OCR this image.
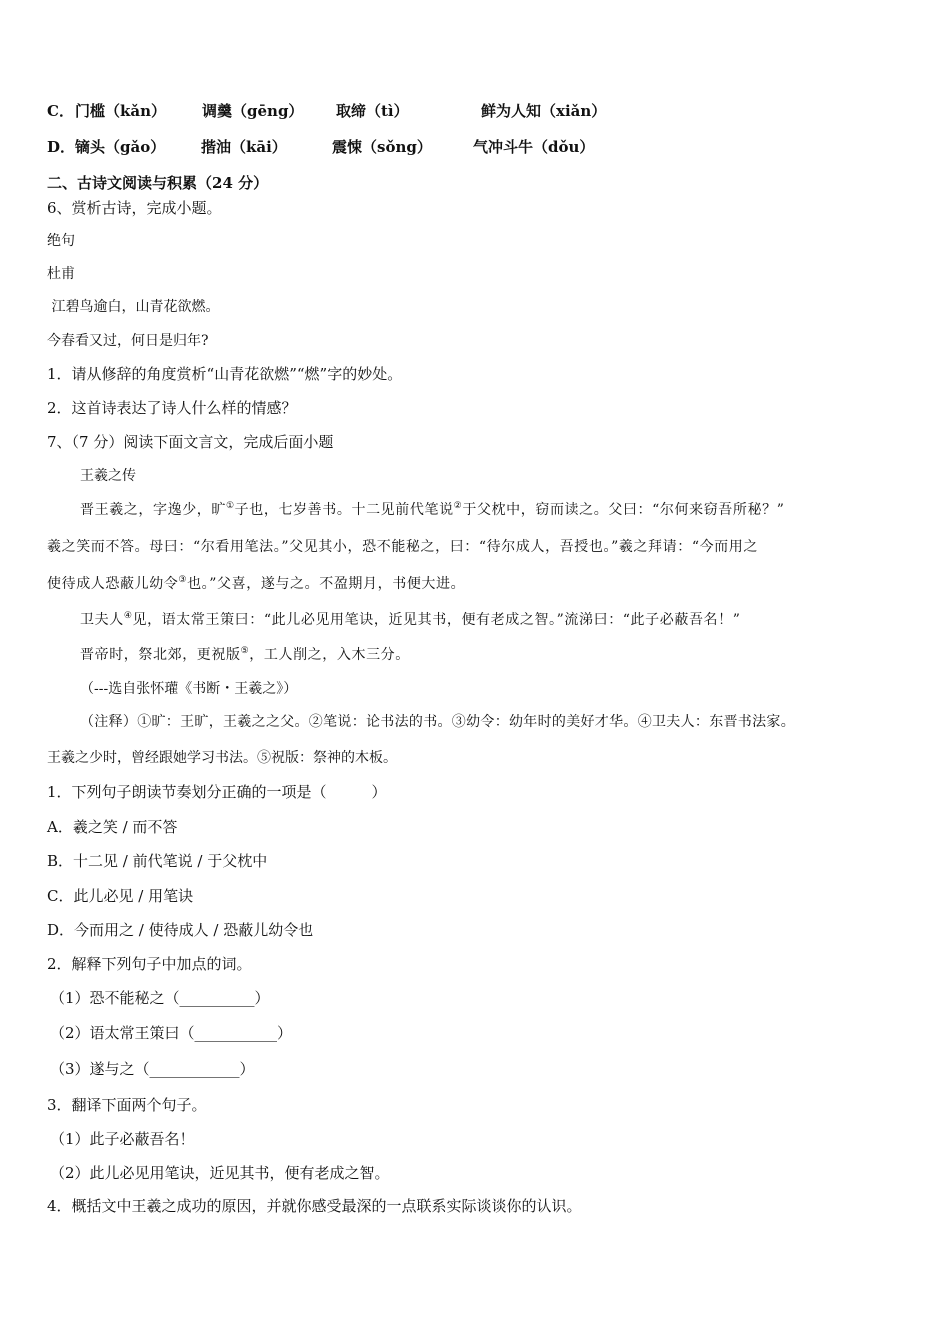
C．门槛（kǎn） 调羹（gēng） 取缔（tì）	鲜为人知（xiǎn）
D．镝头（gǎo） 揩油（kāi）	震悚（sǒng）	气冲斗牛（dǒu）
二、古诗文阅读与积累（24 分）
6、赏析古诗，完成小题。
绝句
杜甫
江碧鸟逾白，山青花欲燃。
今春看又过，何日是归年?
1．请从修辞的角度赏析“山青花欲燃”“燃”字的妙处。
2．这首诗表达了诗人什么样的情感？
7、（7 分）阅读下面文言文，完成后面小题
王羲之传
晋王羲之，字逸少，旷①子也，七岁善书。十二见前代笔说②于父枕中，窃而读之。父曰：“尔何来窃吾所秘？”
羲之笑而不答。母曰：“尔看用笔法。”父见其小，恐不能秘之，曰：“待尔成人，吾授也。”羲之拜请：“今而用之
使待成人恐蔽儿幼令③也。”父喜，遂与之。不盈期月，书便大进。
卫夫人④见，语太常王策曰：“此儿必见用笔诀，近见其书，便有老成之智。”流涕曰：“此子必蔽吾名！”
晋帝时，祭北郊，更祝版⑤，工人削之，入木三分。
（---选自张怀瓘《书断・王羲之》）
（注释）①旷：王旷，王羲之之父。②笔说：论书法的书。③幼令：幼年时的美好才华。④卫夫人：东晋书法家。
王羲之少时，曾经跟她学习书法。⑤祝版：祭神的木板。
1．下列句子朗读节奏划分正确的一项是（　　　）
A．羲之笑 / 而不答
B．十二见 / 前代笔说 / 于父枕中
C．此儿必见 / 用笔诀
D．今而用之 / 使待成人 / 恐蔽儿幼令也
2．解释下列句子中加点的词。
（1）恐不能秘之（__________）
（2）语太常王策曰（___________）
（3）遂与之（____________）
3．翻译下面两个句子。
（1）此子必蔽吾名！
（2）此儿必见用笔诀，近见其书，便有老成之智。
4．概括文中王羲之成功的原因，并就你感受最深的一点联系实际谈谈你的认识。
